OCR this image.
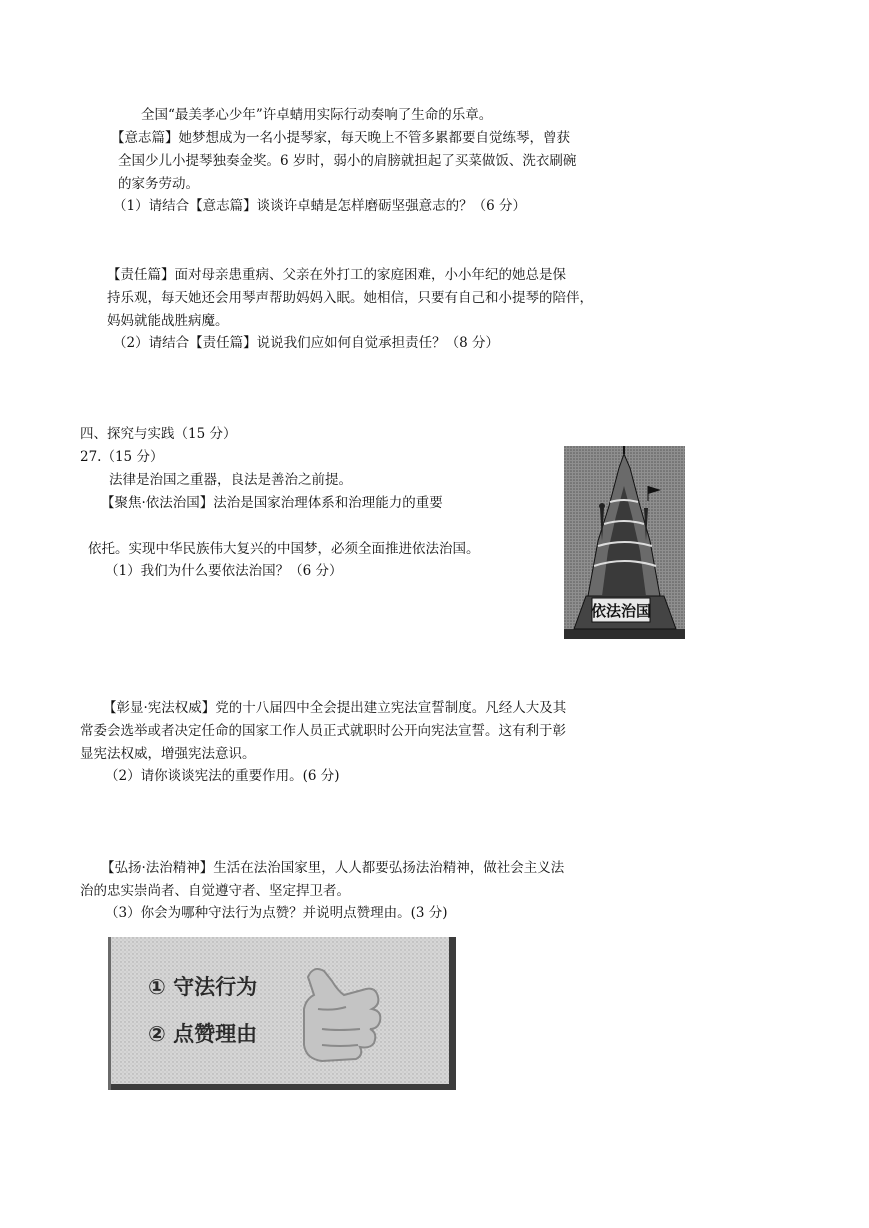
全国“最美孝心少年”许卓蜻用实际行动奏响了生命的乐章。
【意志篇】她梦想成为一名小提琴家，每天晚上不管多累都要自觉练琴，曾获
全国少儿小提琴独奏金奖。6 岁时，弱小的肩膀就担起了买菜做饭、洗衣刷碗
的家务劳动。
（1）请结合【意志篇】谈谈许卓蜻是怎样磨砺坚强意志的？（6 分）
【责任篇】面对母亲患重病、父亲在外打工的家庭困难，小小年纪的她总是保
持乐观，每天她还会用琴声帮助妈妈入眠。她相信，只要有自己和小提琴的陪伴，
妈妈就能战胜病魔。
（2）请结合【责任篇】说说我们应如何自觉承担责任？（8 分）
四、探究与实践（15 分）
27.（15 分）
法律是治国之重器，良法是善治之前提。
【聚焦·依法治国】法治是国家治理体系和治理能力的重要
依托。实现中华民族伟大复兴的中国梦，必须全面推进依法治国。
（1）我们为什么要依法治国？（6 分）
依法治国
【彰显·宪法权威】党的十八届四中全会提出建立宪法宣誓制度。凡经人大及其
常委会选举或者决定任命的国家工作人员正式就职时公开向宪法宣誓。这有利于彰
显宪法权威，增强宪法意识。
（2）请你谈谈宪法的重要作用。(6 分)
【弘扬·法治精神】生活在法治国家里，人人都要弘扬法治精神，做社会主义法
治的忠实崇尚者、自觉遵守者、坚定捍卫者。
（3）你会为哪种守法行为点赞？并说明点赞理由。(3 分)
① 守法行为
② 点赞理由
